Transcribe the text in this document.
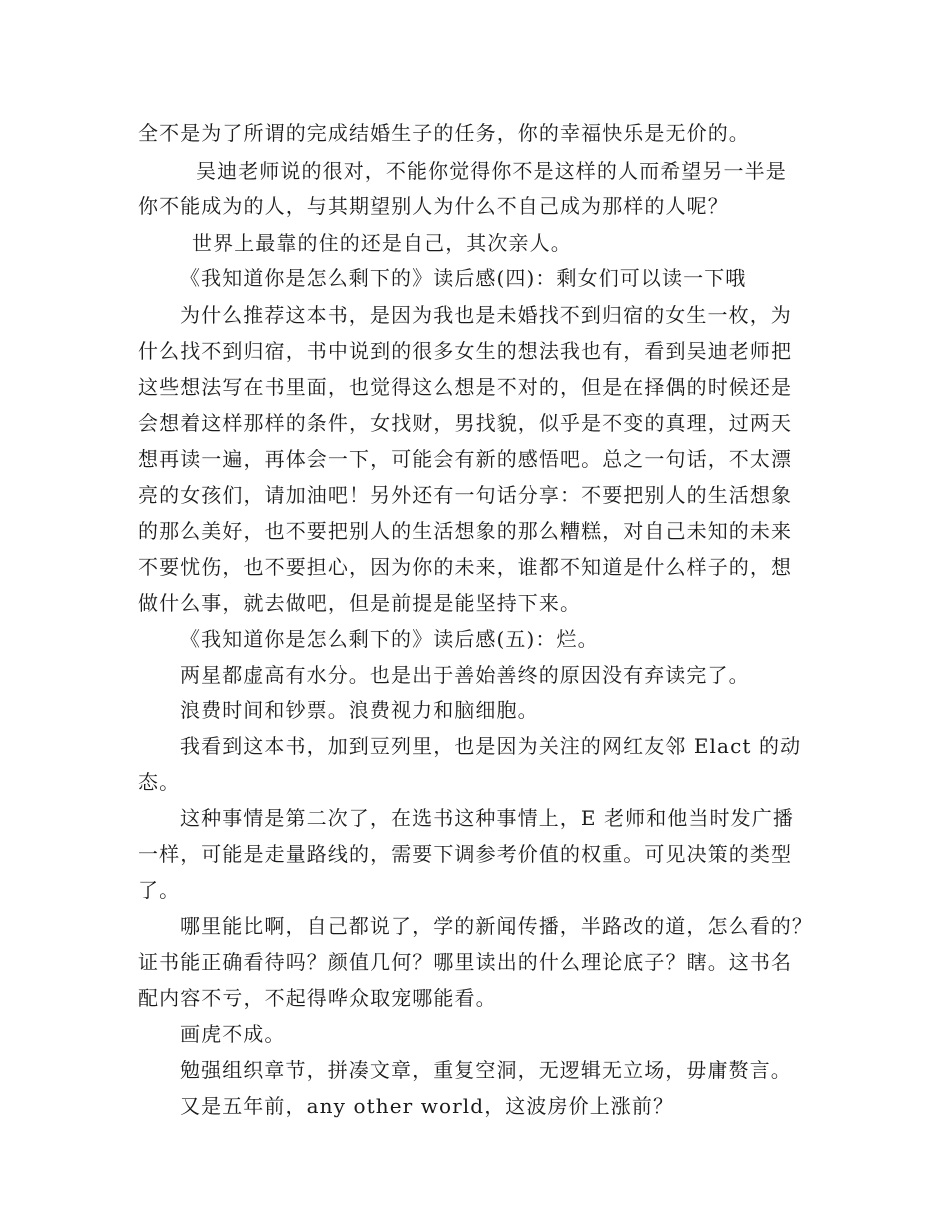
全不是为了所谓的完成结婚生子的任务，你的幸福快乐是无价的。
吴迪老师说的很对，不能你觉得你不是这样的人而希望另一半是
你不能成为的人，与其期望别人为什么不自己成为那样的人呢？
世界上最靠的住的还是自己，其次亲人。
《我知道你是怎么剩下的》读后感(四)：剩女们可以读一下哦
为什么推荐这本书，是因为我也是未婚找不到归宿的女生一枚，为
什么找不到归宿，书中说到的很多女生的想法我也有，看到吴迪老师把
这些想法写在书里面，也觉得这么想是不对的，但是在择偶的时候还是
会想着这样那样的条件，女找财，男找貌，似乎是不变的真理，过两天
想再读一遍，再体会一下，可能会有新的感悟吧。总之一句话，不太漂
亮的女孩们，请加油吧！另外还有一句话分享：不要把别人的生活想象
的那么美好，也不要把别人的生活想象的那么糟糕，对自己未知的未来
不要忧伤，也不要担心，因为你的未来，谁都不知道是什么样子的，想
做什么事，就去做吧，但是前提是能坚持下来。
《我知道你是怎么剩下的》读后感(五)：烂。
两星都虚高有水分。也是出于善始善终的原因没有弃读完了。
浪费时间和钞票。浪费视力和脑细胞。
我看到这本书，加到豆列里，也是因为关注的网红友邻 Elact 的动
态。
这种事情是第二次了，在选书这种事情上，E 老师和他当时发广播
一样，可能是走量路线的，需要下调参考价值的权重。可见决策的类型
了。
哪里能比啊，自己都说了，学的新闻传播，半路改的道，怎么看的？
证书能正确看待吗？颜值几何？哪里读出的什么理论底子？瞎。这书名
配内容不亏，不起得哗众取宠哪能看。
画虎不成。
勉强组织章节，拼凑文章，重复空洞，无逻辑无立场，毋庸赘言。
又是五年前，any other world，这波房价上涨前？
